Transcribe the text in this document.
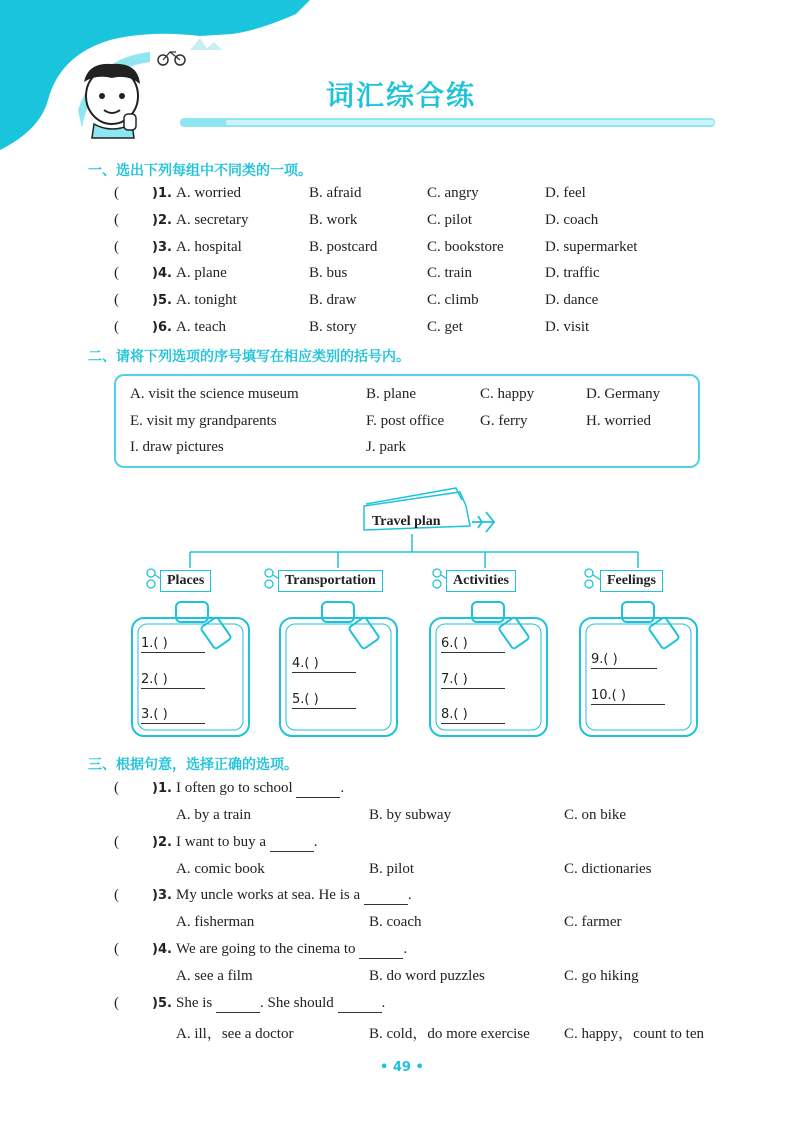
词汇综合练
一、选出下列每组中不同类的一项。
(	)1. A. worried	B. afraid	C. angry	D. feel
(	)2. A. secretary	B. work	C. pilot	D. coach
(	)3. A. hospital	B. postcard	C. bookstore	D. supermarket
(	)4. A. plane	B. bus	C. train	D. traffic
(	)5. A. tonight	B. draw	C. climb	D. dance
(	)6. A. teach	B. story	C. get	D. visit
二、请将下列选项的序号填写在相应类别的括号内。
A. visit the science museum	B. plane	C. happy	D. Germany
E. visit my grandparents	F. post office G. ferry	H. worried
I. draw pictures	J. park
Travel plan
Places	Transportation	Activities	Feelings
1.( )
2.( )
3.( )
4.( )
5.( )
6.( )
7.( )
8.( )
9.( )
10.( )
三、根据句意，选择正确的选项。
(	)1. I often go to school	.
A. by a train	B. by subway	C. on bike
(	)2. I want to buy a	.
A. comic book	B. pilot	C. dictionaries
(	)3. My uncle works at sea. He is a	.
A. fisherman	B. coach	C. farmer
(	)4. We are going to the cinema to	.
A. see a film	B. do word puzzles	C. go hiking
(	)5. She is	. She should	.
A. ill，see a doctor	B. cold，do more exercise C. happy，count to ten
• 49 •
